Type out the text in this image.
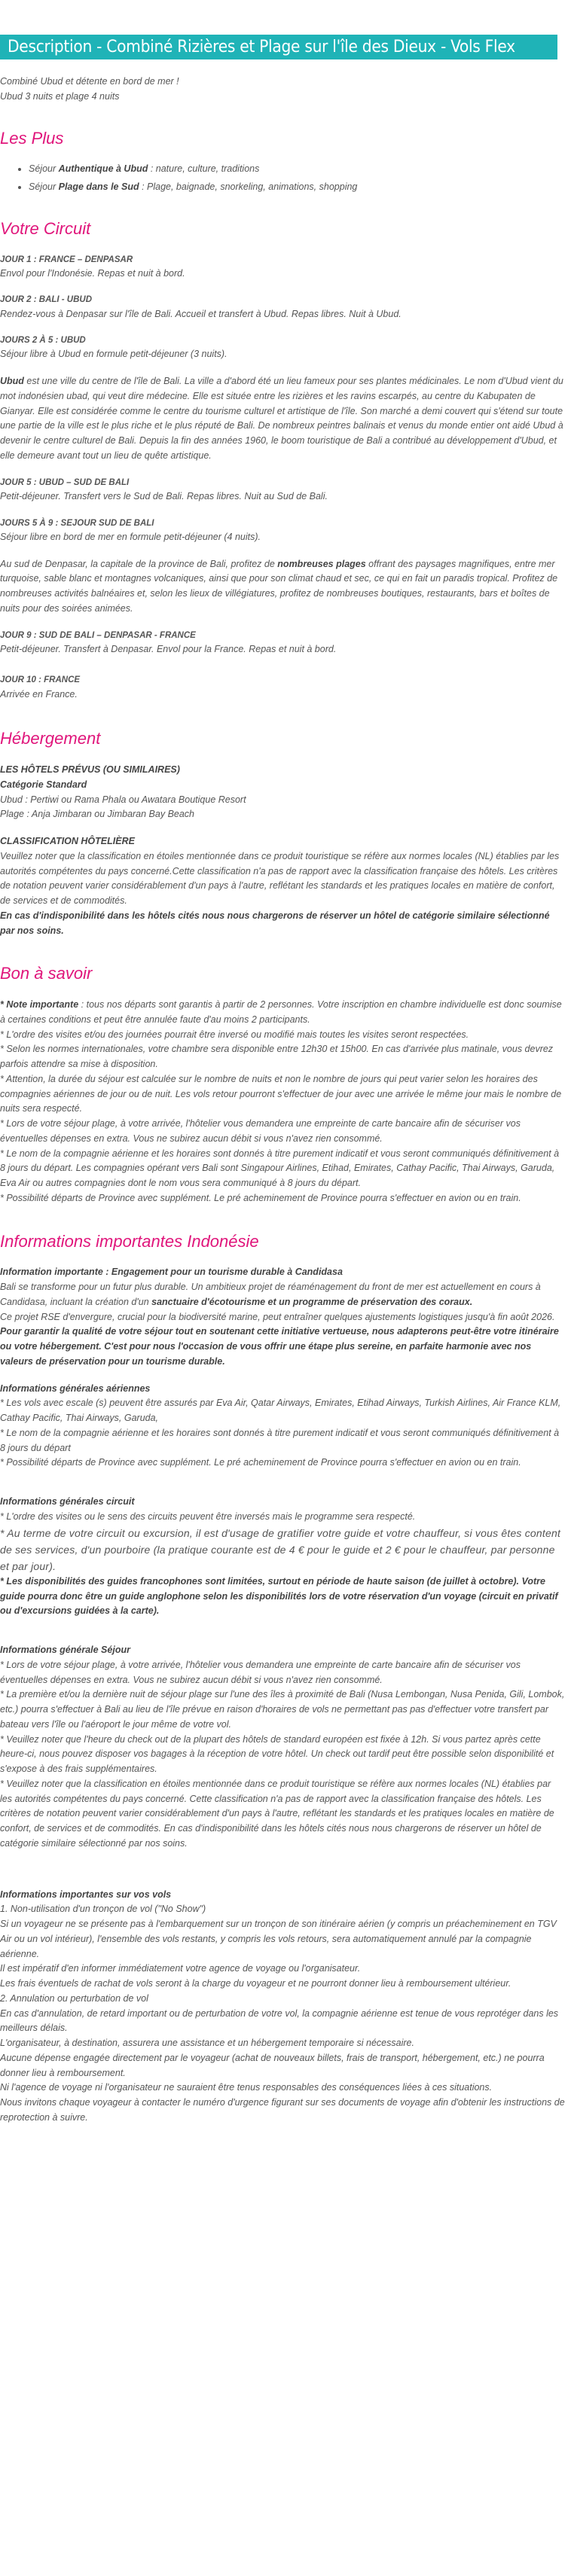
Description - Combiné Rizières et Plage sur l'île des Dieux - Vols Flex
Combiné Ubud et détente en bord de mer !
Ubud 3 nuits et plage 4 nuits
Les Plus
• Séjour Authentique à Ubud : nature, culture, traditions
• Séjour Plage dans le Sud : Plage, baignade, snorkeling, animations, shopping
Votre Circuit
JOUR 1 : FRANCE – DENPASAR
Envol pour l'Indonésie. Repas et nuit à bord.
JOUR 2 : BALI - UBUD
Rendez-vous à Denpasar sur l'île de Bali. Accueil et transfert à Ubud. Repas libres. Nuit à Ubud.
JOURS 2 À 5 : UBUD
Séjour libre à Ubud en formule petit-déjeuner (3 nuits).

Ubud est une ville du centre de l'île de Bali. La ville a d'abord été un lieu fameux pour ses plantes médicinales. Le nom d'Ubud vient du mot indonésien ubad, qui veut dire médecine. Elle est située entre les rizières et les ravins escarpés, au centre du Kabupaten de Gianyar. Elle est considérée comme le centre du tourisme culturel et artistique de l'île. Son marché a demi couvert qui s'étend sur toute une partie de la ville est le plus riche et le plus réputé de Bali. De nombreux peintres balinais et venus du monde entier ont aidé Ubud à devenir le centre culturel de Bali. Depuis la fin des années 1960, le boom touristique de Bali a contribué au développement d'Ubud, et elle demeure avant tout un lieu de quête artistique.

JOUR 5 : UBUD – SUD DE BALI
Petit-déjeuner. Transfert vers le Sud de Bali. Repas libres. Nuit au Sud de Bali.
JOURS 5 À 9 : SEJOUR SUD DE BALI
Séjour libre en bord de mer en formule petit-déjeuner (4 nuits).

Au sud de Denpasar, la capitale de la province de Bali, profitez de nombreuses plages offrant des paysages magnifiques, entre mer turquoise, sable blanc et montagnes volcaniques, ainsi que pour son climat chaud et sec, ce qui en fait un paradis tropical. Profitez de nombreuses activités balnéaires et, selon les lieux de villégiatures, profitez de nombreuses boutiques, restaurants, bars et boîtes de nuits pour des soirées animées.

JOUR 9 : SUD DE BALI – DENPASAR - FRANCE
Petit-déjeuner. Transfert à Denpasar. Envol pour la France. Repas et nuit à bord.
JOUR 10 : FRANCE
Arrivée en France.
Hébergement
LES HÔTELS PRÉVUS (OU SIMILAIRES)
Catégorie Standard
Ubud : Pertiwi ou Rama Phala ou Awatara Boutique Resort
Plage : Anja Jimbaran ou Jimbaran Bay Beach
CLASSIFICATION HÔTELIÈRE
Veuillez noter que la classification en étoiles mentionnée dans ce produit touristique se réfère aux normes locales (NL) établies par les autorités compétentes du pays concerné.Cette classification n'a pas de rapport avec la classification française des hôtels. Les critères de notation peuvent varier considérablement d'un pays à l'autre, reflétant les standards et les pratiques locales en matière de confort, de services et de commodités.
En cas d'indisponibilité dans les hôtels cités nous nous chargerons de réserver un hôtel de catégorie similaire sélectionné par nos soins.
Bon à savoir

* Note importante : tous nos départs sont garantis à partir de 2 personnes. Votre inscription en chambre individuelle est donc soumise à certaines conditions et peut être annulée faute d'au moins 2 participants.

* L'ordre des visites et/ou des journées pourrait être inversé ou modifié mais toutes les visites seront respectées.
* Selon les normes internationales, votre chambre sera disponible entre 12h30 et 15h00. En cas d'arrivée plus matinale, vous devrez parfois attendre sa mise à disposition.
* Attention, la durée du séjour est calculée sur le nombre de nuits et non le nombre de jours qui peut varier selon les horaires des compagnies aériennes de jour ou de nuit. Les vols retour pourront s'effectuer de jour avec une arrivée le même jour mais le nombre de nuits sera respecté.
* Lors de votre séjour plage, à votre arrivée, l'hôtelier vous demandera une empreinte de carte bancaire afin de sécuriser vos éventuelles dépenses en extra. Vous ne subirez aucun débit si vous n'avez rien consommé.
* Le nom de la compagnie aérienne et les horaires sont donnés à titre purement indicatif et vous seront communiqués définitivement à 8 jours du départ. Les compagnies opérant vers Bali sont Singapour Airlines, Etihad, Emirates, Cathay Pacific, Thai Airways, Garuda, Eva Air ou autres compagnies dont le nom vous sera communiqué à 8 jours du départ.
* Possibilité départs de Province avec supplément. Le pré acheminement de Province pourra s'effectuer en avion ou en train.
Informations importantes Indonésie
Information importante : Engagement pour un tourisme durable à Candidasa

Bali se transforme pour un futur plus durable. Un ambitieux projet de réaménagement du front de mer est actuellement en cours à Candidasa, incluant la création d'un sanctuaire d'écotourisme et un programme de préservation des coraux.

Ce projet RSE d'envergure, crucial pour la biodiversité marine, peut entraîner quelques ajustements logistiques jusqu'à fin août 2026. Pour garantir la qualité de votre séjour tout en soutenant cette initiative vertueuse, nous adapterons peut-être votre itinéraire ou votre hébergement. C'est pour nous l'occasion de vous offrir une étape plus sereine, en parfaite harmonie avec nos valeurs de préservation pour un tourisme durable.

Informations générales aériennes
* Les vols avec escale (s) peuvent être assurés par Eva Air, Qatar Airways, Emirates, Etihad Airways, Turkish Airlines, Air France KLM, Cathay Pacific, Thai Airways, Garuda,
* Le nom de la compagnie aérienne et les horaires sont donnés à titre purement indicatif et vous seront communiqués définitivement à 8 jours du départ
* Possibilité départs de Province avec supplément. Le pré acheminement de Province pourra s'effectuer en avion ou en train.
Informations générales circuit
* L'ordre des visites ou le sens des circuits peuvent être inversés mais le programme sera respecté.
* Au terme de votre circuit ou excursion, il est d'usage de gratifier votre guide et votre chauffeur, si vous êtes content de ses services, d'un pourboire (la pratique courante est de 4 € pour le guide et 2 € pour le chauffeur, par personne et par jour).
* Les disponibilités des guides francophones sont limitées, surtout en période de haute saison (de juillet à octobre). Votre guide pourra donc être un guide anglophone selon les disponibilités lors de votre réservation d'un voyage (circuit en privatif ou d'excursions guidées à la carte).
Informations générale Séjour
* Lors de votre séjour plage, à votre arrivée, l'hôtelier vous demandera une empreinte de carte bancaire afin de sécuriser vos éventuelles dépenses en extra. Vous ne subirez aucun débit si vous n'avez rien consommé.
* La première et/ou la dernière nuit de séjour plage sur l'une des îles à proximité de Bali (Nusa Lembongan, Nusa Penida, Gili, Lombok, etc.) pourra s'effectuer à Bali au lieu de l'île prévue en raison d'horaires de vols ne permettant pas pas d'effectuer votre transfert par bateau vers l'île ou l'aéroport le jour même de votre vol.
* Veuillez noter que l'heure du check out de la plupart des hôtels de standard européen est fixée à 12h. Si vous partez après cette heure-ci, nous pouvez disposer vos bagages à la réception de votre hôtel. Un check out tardif peut être possible selon disponibilité et s'expose à des frais supplémentaires.
* Veuillez noter que la classification en étoiles mentionnée dans ce produit touristique se réfère aux normes locales (NL) établies par les autorités compétentes du pays concerné. Cette classification n'a pas de rapport avec la classification française des hôtels. Les critères de notation peuvent varier considérablement d'un pays à l'autre, reflétant les standards et les pratiques locales en matière de confort, de services et de commodités. En cas d'indisponibilité dans les hôtels cités nous nous chargerons de réserver un hôtel de catégorie similaire sélectionné par nos soins.
Informations importantes sur vos vols
1. Non-utilisation d'un tronçon de vol ("No Show")
Si un voyageur ne se présente pas à l'embarquement sur un tronçon de son itinéraire aérien (y compris un préacheminement en TGV Air ou un vol intérieur), l'ensemble des vols restants, y compris les vols retours, sera automatiquement annulé par la compagnie aérienne.
Il est impératif d'en informer immédiatement votre agence de voyage ou l'organisateur.
Les frais éventuels de rachat de vols seront à la charge du voyageur et ne pourront donner lieu à remboursement ultérieur.
2. Annulation ou perturbation de vol
En cas d'annulation, de retard important ou de perturbation de votre vol, la compagnie aérienne est tenue de vous reprotéger dans les meilleurs délais.
L'organisateur, à destination, assurera une assistance et un hébergement temporaire si nécessaire.
Aucune dépense engagée directement par le voyageur (achat de nouveaux billets, frais de transport, hébergement, etc.) ne pourra donner lieu à remboursement.
Ni l'agence de voyage ni l'organisateur ne sauraient être tenus responsables des conséquences liées à ces situations.
Nous invitons chaque voyageur à contacter le numéro d'urgence figurant sur ses documents de voyage afin d'obtenir les instructions de reprotection à suivre.
